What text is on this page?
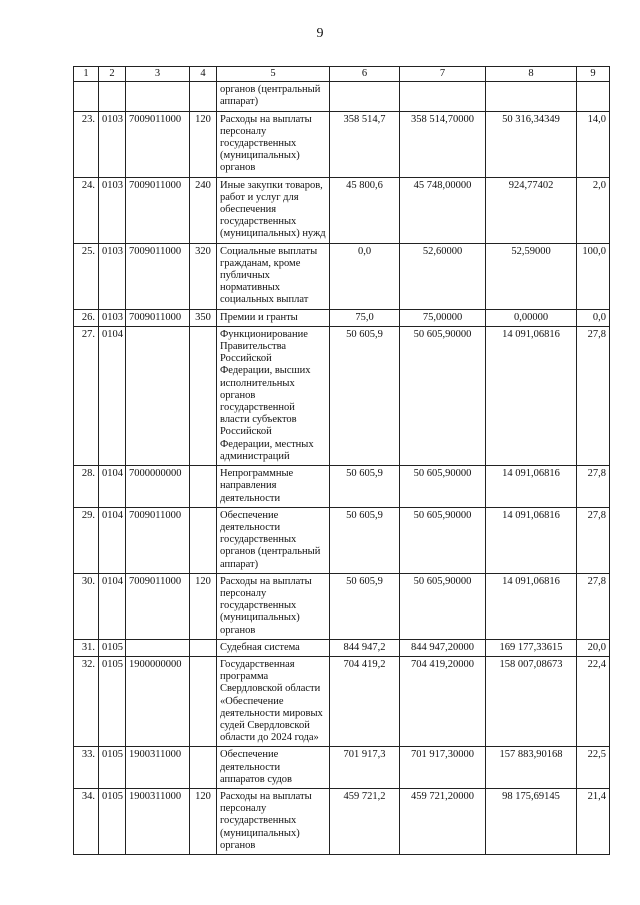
9
1	2	3	4	5	6	7	8	9
				органов (центральный аппарат)				
23.	0103	7009011000	120	Расходы на выплаты персоналу государственных (муниципальных) органов	358 514,7	358 514,70000	50 316,34349	14,0
24.	0103	7009011000	240	Иные закупки товаров, работ и услуг для обеспечения государственных (муниципальных) нужд	45 800,6	45 748,00000	924,77402	2,0
25.	0103	7009011000	320	Социальные выплаты гражданам, кроме публичных нормативных социальных выплат	0,0	52,60000	52,59000	100,0
26.	0103	7009011000	350	Премии и гранты	75,0	75,00000	0,00000	0,0
27.	0104			Функционирование Правительства Российской Федерации, высших исполнительных органов государственной власти субъектов Российской Федерации, местных администраций	50 605,9	50 605,90000	14 091,06816	27,8
28.	0104	7000000000		Непрограммные направления деятельности	50 605,9	50 605,90000	14 091,06816	27,8
29.	0104	7009011000		Обеспечение деятельности государственных органов (центральный аппарат)	50 605,9	50 605,90000	14 091,06816	27,8
30.	0104	7009011000	120	Расходы на выплаты персоналу государственных (муниципальных) органов	50 605,9	50 605,90000	14 091,06816	27,8
31.	0105			Судебная система	844 947,2	844 947,20000	169 177,33615	20,0
32.	0105	1900000000		Государственная программа Свердловской области «Обеспечение деятельности мировых судей Свердловской области до 2024 года»	704 419,2	704 419,20000	158 007,08673	22,4
33.	0105	1900311000		Обеспечение деятельности аппаратов судов	701 917,3	701 917,30000	157 883,90168	22,5
34.	0105	1900311000	120	Расходы на выплаты персоналу государственных (муниципальных) органов	459 721,2	459 721,20000	98 175,69145	21,4
